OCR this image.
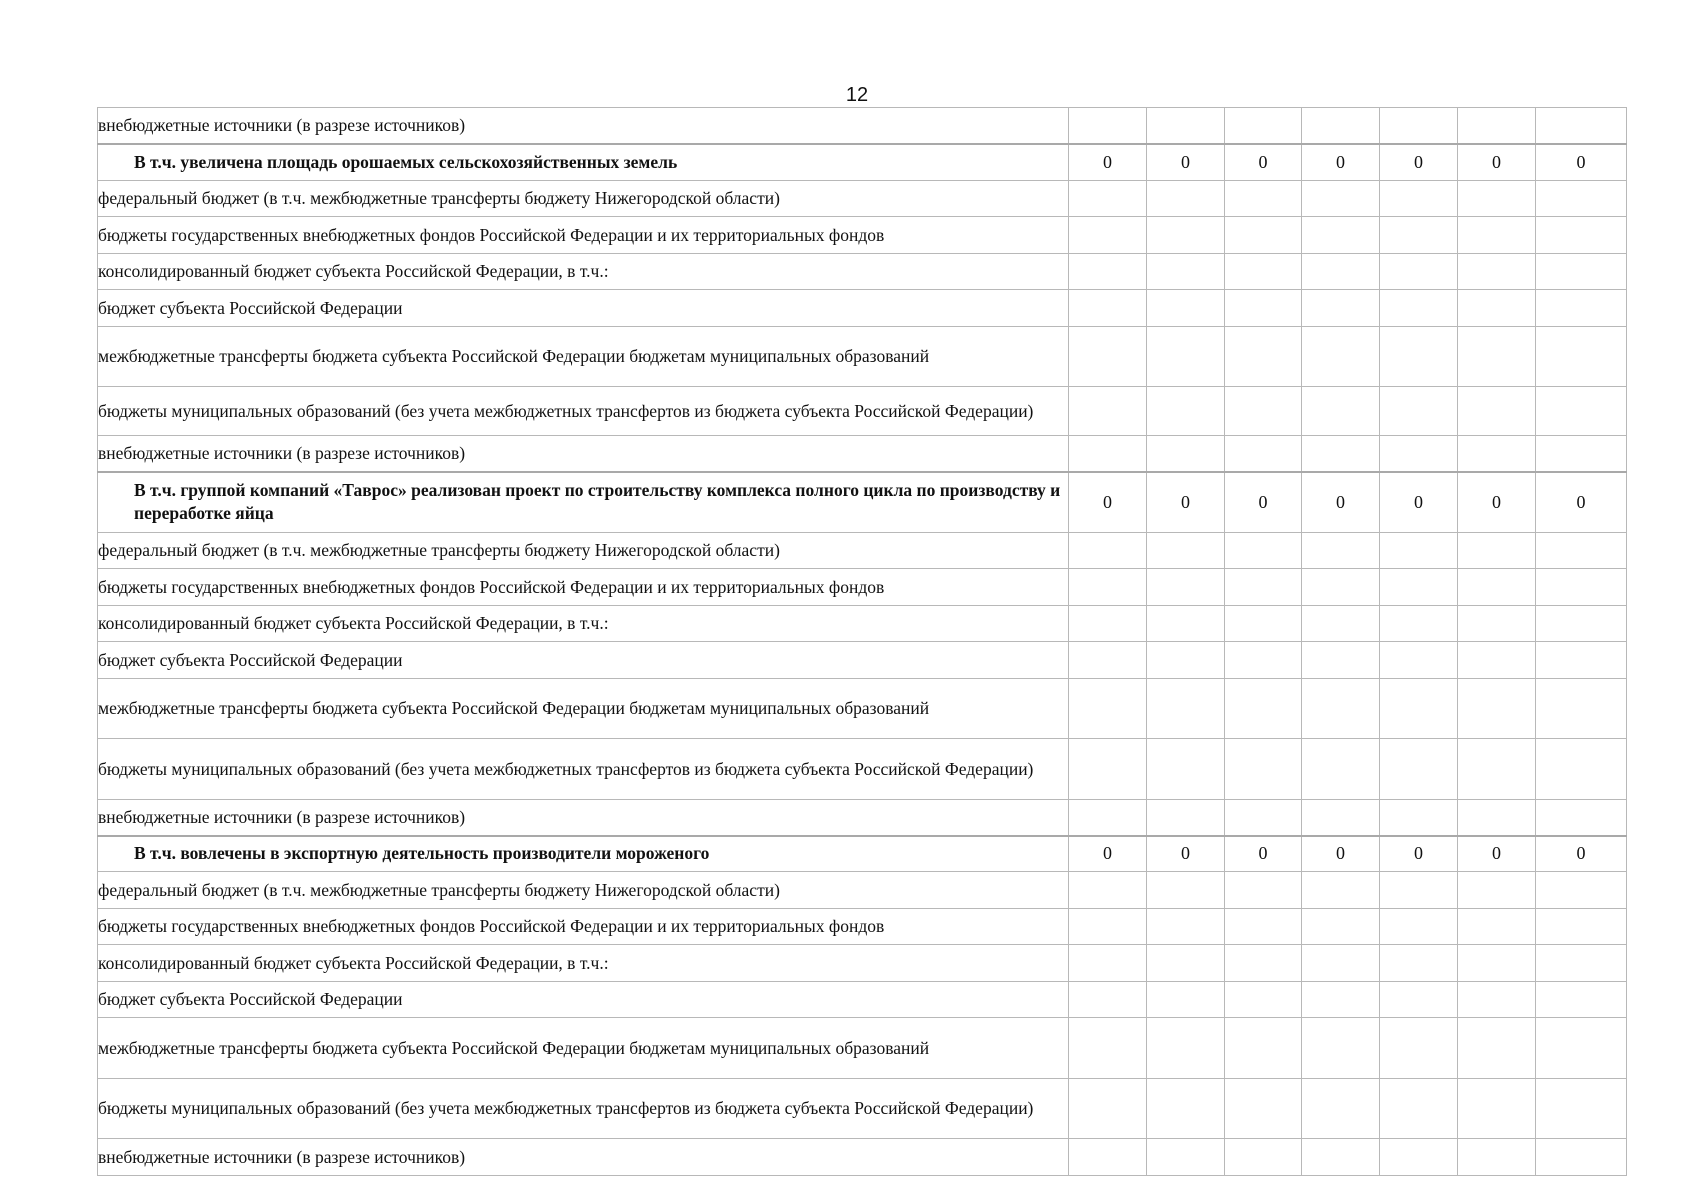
12
внебюджетные источники (в разрезе источников)							
В т.ч. увеличена площадь орошаемых сельскохозяйственных земель	0	0	0	0	0	0	0
федеральный бюджет (в т.ч. межбюджетные трансферты бюджету Нижегородской области)							
бюджеты государственных внебюджетных фондов Российской Федерации и их территориальных фондов							
консолидированный бюджет субъекта Российской Федерации, в т.ч.:							
бюджет субъекта Российской Федерации							
межбюджетные трансферты бюджета субъекта Российской Федерации бюджетам муниципальных образований							
бюджеты муниципальных образований (без учета межбюджетных трансфертов из бюджета субъекта Российской Федерации)							
внебюджетные источники (в разрезе источников)							
В т.ч. группой компаний «Таврос» реализован проект по строительству комплекса полного цикла по производству и переработке яйца	0	0	0	0	0	0	0
федеральный бюджет (в т.ч. межбюджетные трансферты бюджету Нижегородской области)							
бюджеты государственных внебюджетных фондов Российской Федерации и их территориальных фондов							
консолидированный бюджет субъекта Российской Федерации, в т.ч.:							
бюджет субъекта Российской Федерации							
межбюджетные трансферты бюджета субъекта Российской Федерации бюджетам муниципальных образований							
бюджеты муниципальных образований (без учета межбюджетных трансфертов из бюджета субъекта Российской Федерации)							
внебюджетные источники (в разрезе источников)							
В т.ч. вовлечены в экспортную деятельность производители мороженого	0	0	0	0	0	0	0
федеральный бюджет (в т.ч. межбюджетные трансферты бюджету Нижегородской области)							
бюджеты государственных внебюджетных фондов Российской Федерации и их территориальных фондов							
консолидированный бюджет субъекта Российской Федерации, в т.ч.:							
бюджет субъекта Российской Федерации							
межбюджетные трансферты бюджета субъекта Российской Федерации бюджетам муниципальных образований							
бюджеты муниципальных образований (без учета межбюджетных трансфертов из бюджета субъекта Российской Федерации)							
внебюджетные источники (в разрезе источников)							
